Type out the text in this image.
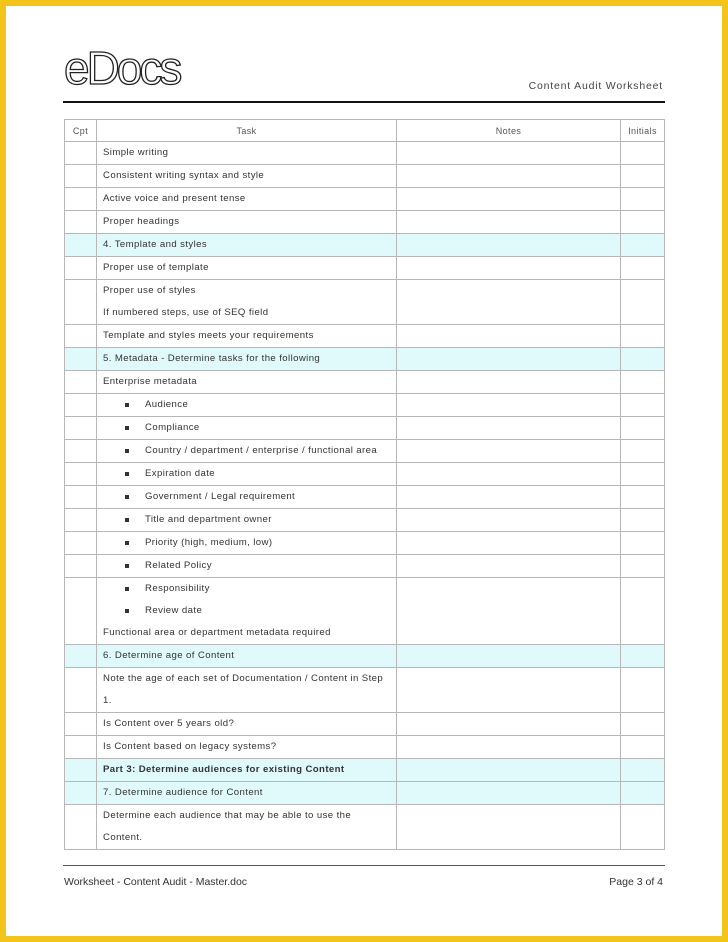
eDocs	Content Audit Worksheet
Cpt	Task	Notes	Initials

	Simple writing		

	Consistent writing syntax and style		

	Active voice and present tense		

	Proper headings		

	4. Template and styles		

	Proper use of template		

	Proper use of styles
If numbered steps, use of SEQ field		

	Template and styles meets your requirements		

	5. Metadata - Determine tasks for the following		

	Enterprise metadata		

	Audience		

	Compliance		

	Country / department / enterprise / functional area		

	Expiration date		

	Government / Legal requirement		

	Title and department owner		

	Priority (high, medium, low)		

	Related Policy		

	Responsibility
Review date
Functional area or department metadata required		

	6. Determine age of Content		

	Note the age of each set of Documentation / Content in Step 1.		

	Is Content over 5 years old?		

	Is Content based on legacy systems?		

	Part 3: Determine audiences for existing Content		

	7. Determine audience for Content		

	Determine each audience that may be able to use the Content.		

Worksheet - Content Audit - Master.doc	Page 3 of 4
